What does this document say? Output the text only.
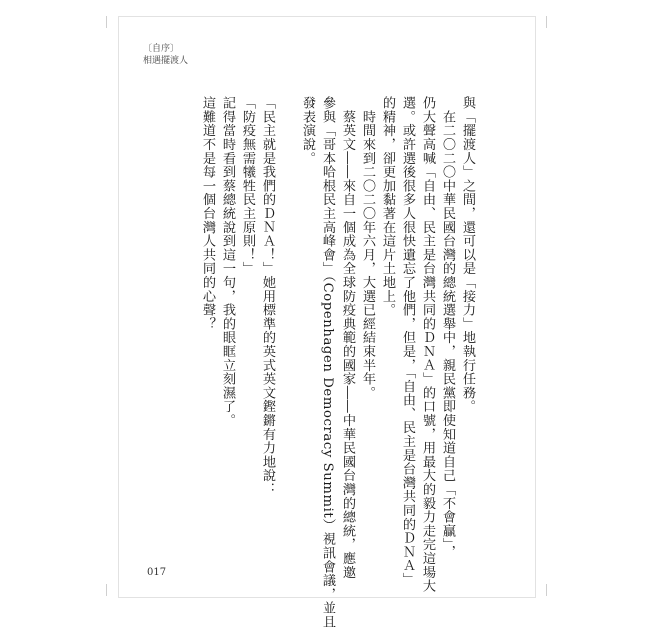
〔自序〕
相遇擺渡人
與「擺渡人」之間，還可以是「接力」地執行任務。
　在二〇二〇中華民國台灣的總統選舉中，親民黨即使知道自己「不會贏」，
仍大聲高喊「自由、民主是台灣共同的ＤＮＡ」的口號，用最大的毅力走完這場大
選。或許選後很多人很快遺忘了他們，但是，「自由、民主是台灣共同的ＤＮＡ」
的精神，卻更加黏著在這片土地上。
　時間來到二〇二〇年六月，大選已經結束半年。
　蔡英文――來自一個成為全球防疫典範的國家――中華民國台灣的總統，應邀
參與「哥本哈根民主高峰會」（Copenhagen Democracy Summit）視訊會議，並且
發表演說。
「民主就是我們的ＤＮＡ！」她用標準的英式英文鏗鏘有力地說：
「防疫無需犧牲民主原則！」
記得當時看到蔡總統說到這一句，我的眼眶立刻濕了。
這難道不是每一個台灣人共同的心聲？
017
